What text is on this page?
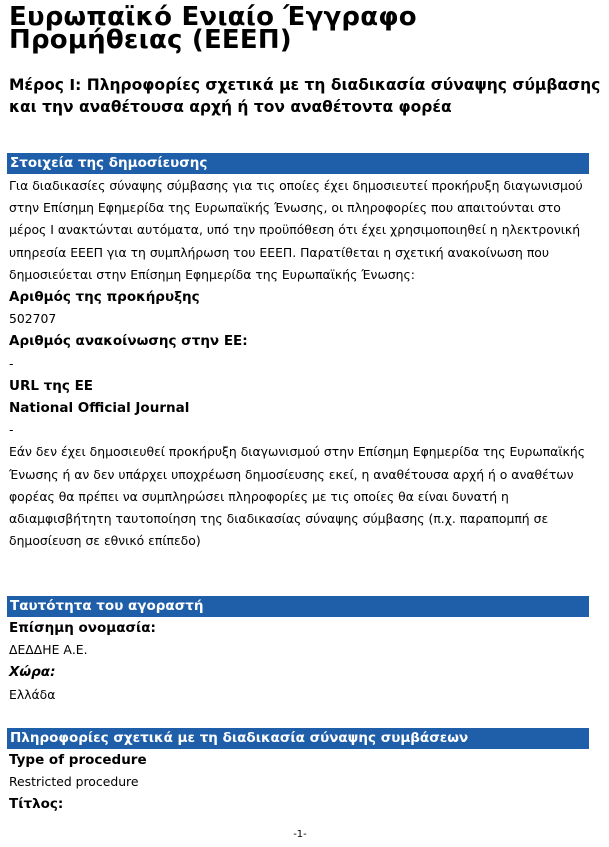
Ευρωπαϊκό Ενιαίο Έγγραφο Προμήθειας (ΕΕΕΠ)
Μέρος I: Πληροφορίες σχετικά με τη διαδικασία σύναψης σύμβασης και την αναθέτουσα αρχή ή τον αναθέτοντα φορέα
Στοιχεία της δημοσίευσης

Για διαδικασίες σύναψης σύμβασης για τις οποίες έχει δημοσιευτεί προκήρυξη διαγωνισμού στην Επίσημη Εφημερίδα της Ευρωπαϊκής Ένωσης, οι πληροφορίες που απαιτούνται στο μέρος I ανακτώνται αυτόματα, υπό την προϋπόθεση ότι έχει χρησιμοποιηθεί η ηλεκτρονική υπηρεσία ΕΕΕΠ για τη συμπλήρωση του ΕΕΕΠ. Παρατίθεται η σχετική ανακοίνωση που δημοσιεύεται στην Επίσημη Εφημερίδα της Ευρωπαϊκής Ένωσης:

Αριθμός της προκήρυξης

502707

Αριθμός ανακοίνωσης στην ΕΕ:

-

URL της ΕΕ

National Official Journal

-

Εάν δεν έχει δημοσιευθεί προκήρυξη διαγωνισμού στην Επίσημη Εφημερίδα της Ευρωπαϊκής Ένωσης ή αν δεν υπάρχει υποχρέωση δημοσίευσης εκεί, η αναθέτουσα αρχή ή ο αναθέτων φορέας θα πρέπει να συμπληρώσει πληροφορίες με τις οποίες θα είναι δυνατή η αδιαμφισβήτητη ταυτοποίηση της διαδικασίας σύναψης σύμβασης (π.χ. παραπομπή σε δημοσίευση σε εθνικό επίπεδο)

Ταυτότητα του αγοραστή

Επίσημη ονομασία:

ΔΕΔΔΗΕ Α.Ε.

Χώρα:

Ελλάδα

Πληροφορίες σχετικά με τη διαδικασία σύναψης συμβάσεων

Type of procedure

Restricted procedure

Τίτλος:

-1-
